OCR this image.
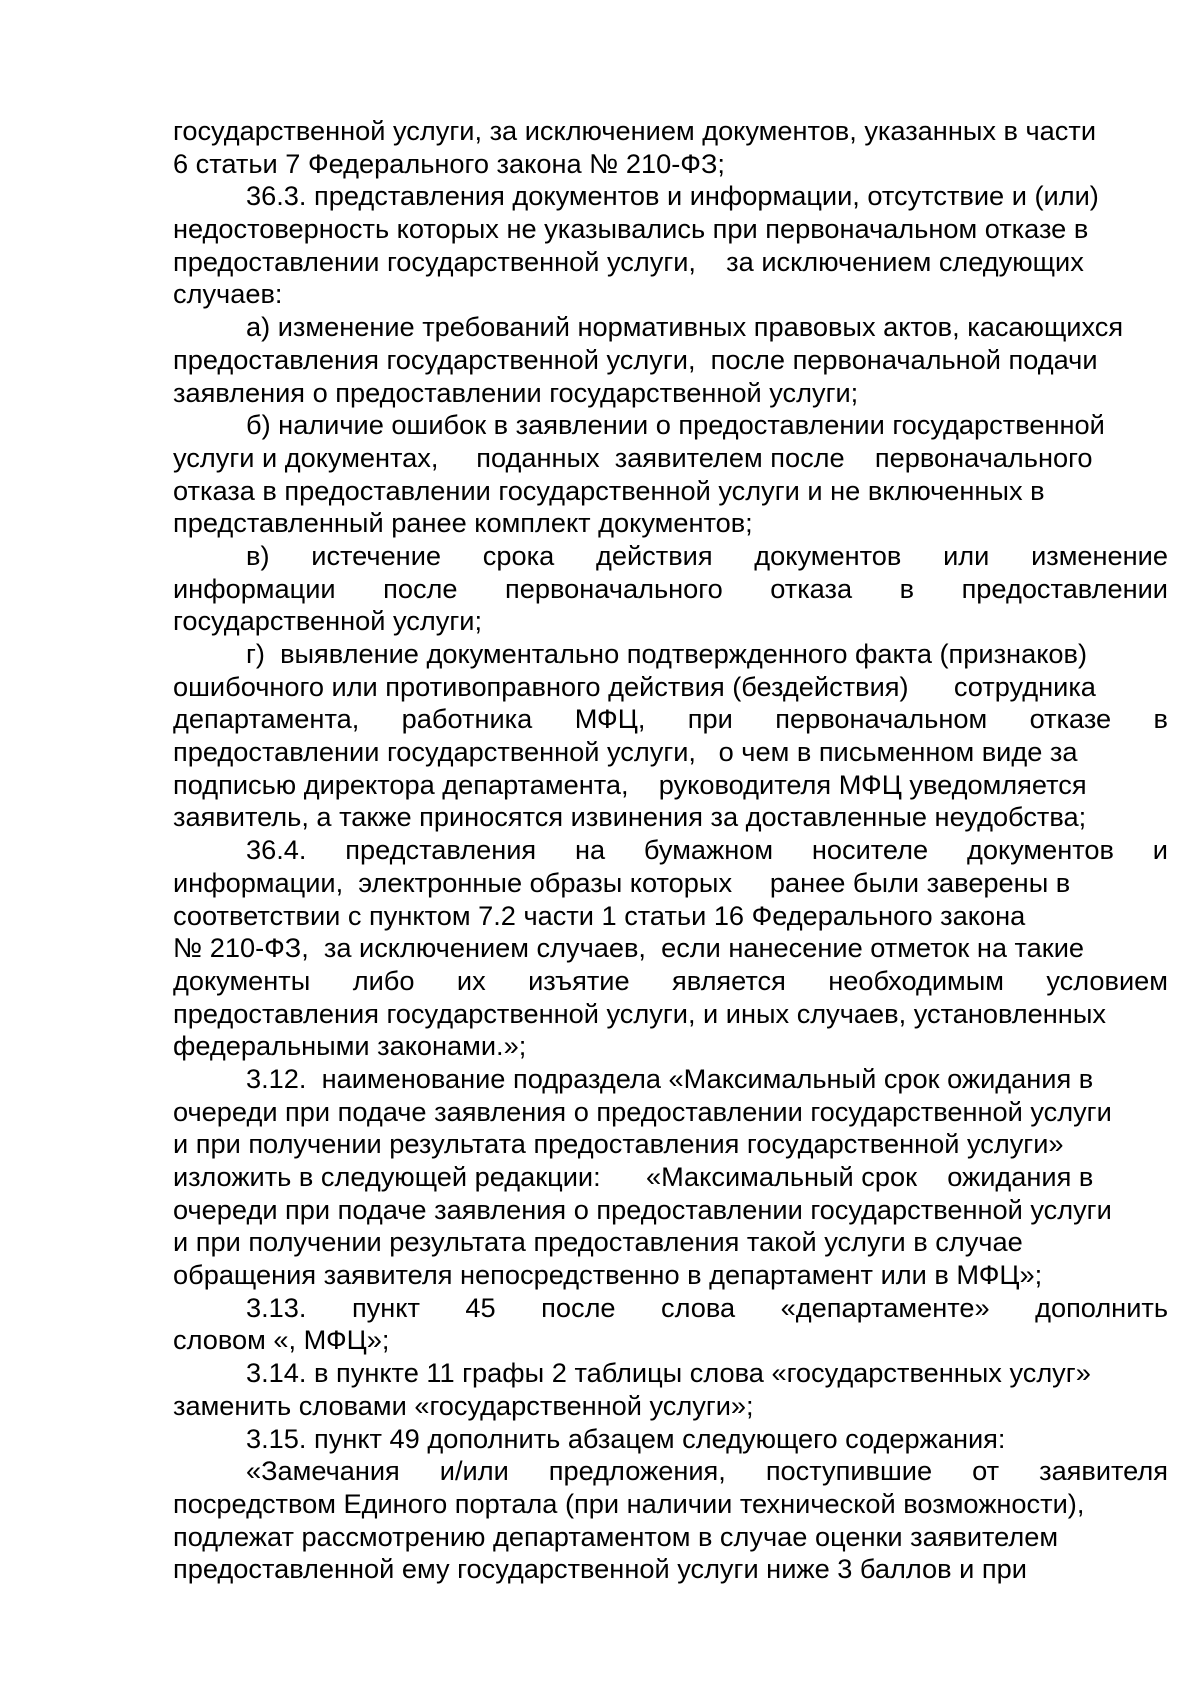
государственной услуги, за исключением документов, указанных в части
6 статьи 7 Федерального закона № 210-ФЗ;
36.3. представления документов и информации, отсутствие и (или)
недостоверность которых не указывались при первоначальном отказе в
предоставлении государственной услуги,    за исключением следующих
случаев:
а) изменение требований нормативных правовых актов, касающихся
предоставления государственной услуги,  после первоначальной подачи
заявления о предоставлении государственной услуги;
б) наличие ошибок в заявлении о предоставлении государственной
услуги и документах,     поданных  заявителем после    первоначального
отказа в предоставлении государственной услуги и не включенных в
представленный ранее комплект документов;
в) истечение срока действия документов или изменение
информации после первоначального отказа в предоставлении
государственной услуги;
г)  выявление документально подтвержденного факта (признаков)
ошибочного или противоправного действия (бездействия)      сотрудника
департамента, работника МФЦ, при первоначальном отказе в
предоставлении государственной услуги,   о чем в письменном виде за
подписью директора департамента,    руководителя МФЦ уведомляется
заявитель, а также приносятся извинения за доставленные неудобства;
36.4. представления на бумажном носителе документов и
информации,  электронные образы которых     ранее были заверены в
соответствии с пунктом 7.2 части 1 статьи 16 Федерального закона
№ 210-ФЗ,  за исключением случаев,  если нанесение отметок на такие
документы либо их изъятие является необходимым условием
предоставления государственной услуги, и иных случаев, установленных
федеральными законами.»;
3.12.  наименование подраздела «Максимальный срок ожидания в
очереди при подаче заявления о предоставлении государственной услуги
и при получении результата предоставления государственной услуги»
изложить в следующей редакции:      «Максимальный срок    ожидания в
очереди при подаче заявления о предоставлении государственной услуги
и при получении результата предоставления такой услуги в случае
обращения заявителя непосредственно в департамент или в МФЦ»;
3.13. пункт 45 после слова «департаменте» дополнить
словом «, МФЦ»;
3.14. в пункте 11 графы 2 таблицы слова «государственных услуг»
заменить словами «государственной услуги»;
3.15. пункт 49 дополнить абзацем следующего содержания:
«Замечания и/или предложения, поступившие от заявителя
посредством Единого портала (при наличии технической возможности),
подлежат рассмотрению департаментом в случае оценки заявителем
предоставленной ему государственной услуги ниже 3 баллов и при
